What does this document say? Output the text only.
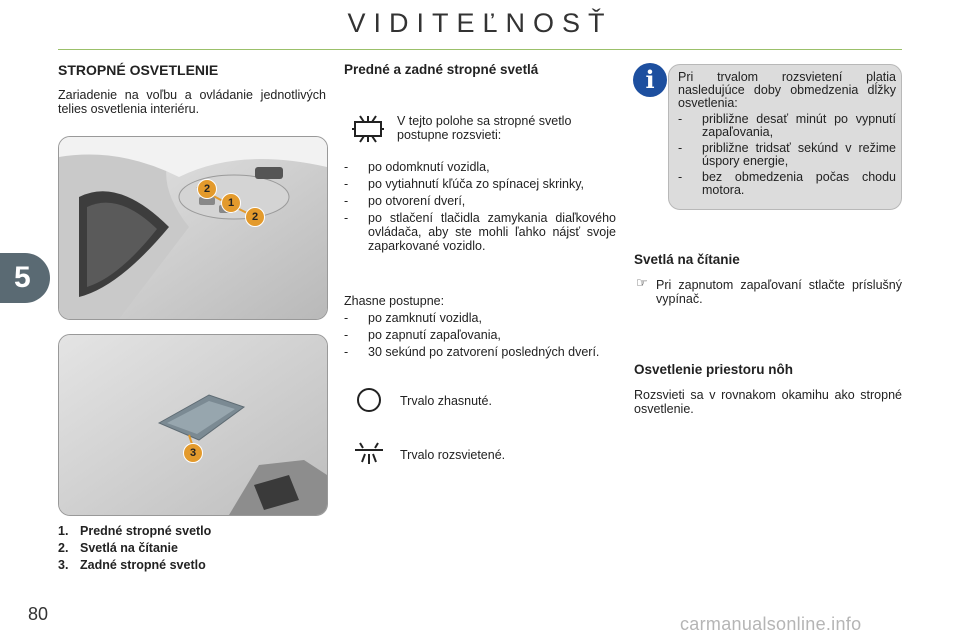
VIDITEĽNOSŤ
5
STROPNÉ OSVETLENIE
Zariadenie na voľbu a ovládanie jednotlivých telies osvetlenia interiéru.
2
1
2
3
1. Predné stropné svetlo
2. Svetlá na čítanie
3. Zadné stropné svetlo
Predné a zadné stropné svetlá
V tejto polohe sa stropné svetlo postupne rozsvieti:
- po odomknutí vozidla,
- po vytiahnutí kľúča zo spínacej skrinky,
- po otvorení dverí,
- po stlačení tlačidla zamykania diaľkového ovládača, aby ste mohli ľahko nájsť svoje zaparkované vozidlo.
Zhasne postupne:
- po zamknutí vozidla,
- po zapnutí zapaľovania,
- 30 sekúnd po zatvorení posledných dverí.
Trvalo zhasnuté.
Trvalo rozsvietené.
Pri trvalom rozsvietení platia nasledujúce doby obmedzenia dĺžky osvetlenia:
- približne desať minút po vypnutí zapaľovania,
- približne tridsať sekúnd v režime úspory energie,
- bez obmedzenia počas chodu motora.
i
Svetlá na čítanie
☞ Pri zapnutom zapaľovaní stlačte príslušný vypínač.
Osvetlenie priestoru nôh
Rozsvieti sa v rovnakom okamihu ako stropné osvetlenie.
80	carmanualsonline.info
